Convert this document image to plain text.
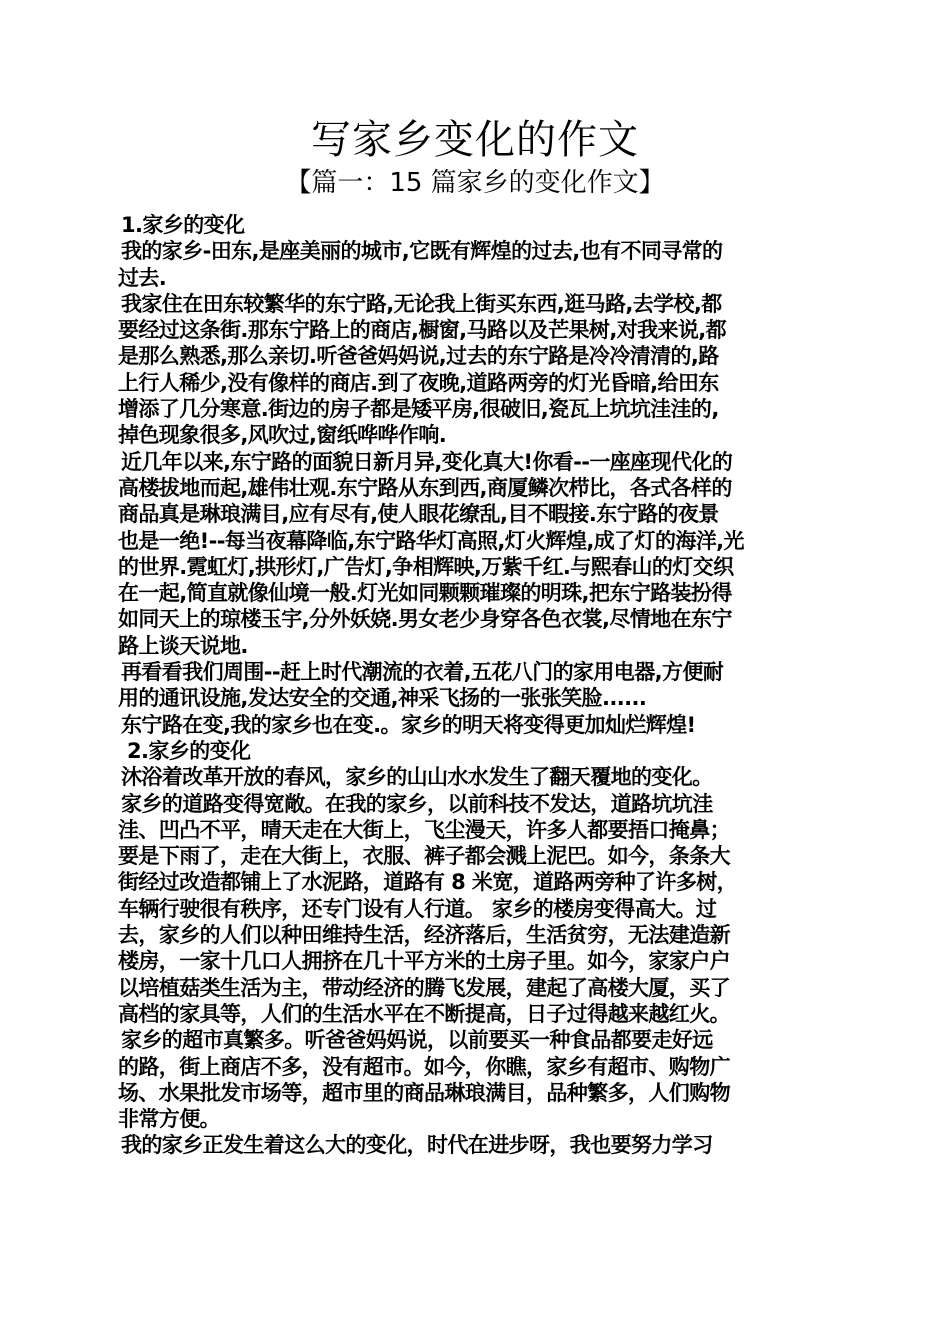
写家乡变化的作文
【篇一：15 篇家乡的变化作文】
1.家乡的变化
我的家乡-田东,是座美丽的城市,它既有辉煌的过去,也有不同寻常的
过去.
我家住在田东较繁华的东宁路,无论我上街买东西,逛马路,去学校,都
要经过这条街.那东宁路上的商店,橱窗,马路以及芒果树,对我来说,都
是那么熟悉,那么亲切.听爸爸妈妈说,过去的东宁路是冷冷清清的,路
上行人稀少,没有像样的商店.到了夜晚,道路两旁的灯光昏暗,给田东
增添了几分寒意.街边的房子都是矮平房,很破旧,瓷瓦上坑坑洼洼的,
掉色现象很多,风吹过,窗纸哗哗作响.
近几年以来,东宁路的面貌日新月异,变化真大!你看--一座座现代化的
高楼拔地而起,雄伟壮观.东宁路从东到西,商厦鳞次栉比，各式各样的
商品真是琳琅满目,应有尽有,使人眼花缭乱,目不暇接.东宁路的夜景
也是一绝!--每当夜幕降临,东宁路华灯高照,灯火辉煌,成了灯的海洋,光
的世界.霓虹灯,拱形灯,广告灯,争相辉映,万紫千红.与熙春山的灯交织
在一起,简直就像仙境一般.灯光如同颗颗璀璨的明珠,把东宁路装扮得
如同天上的琼楼玉宇,分外妖娆.男女老少身穿各色衣裳,尽情地在东宁
路上谈天说地.
再看看我们周围--赶上时代潮流的衣着,五花八门的家用电器,方便耐
用的通讯设施,发达安全的交通,神采飞扬的一张张笑脸......
东宁路在变,我的家乡也在变.。家乡的明天将变得更加灿烂辉煌!
2.家乡的变化
沐浴着改革开放的春风，家乡的山山水水发生了翻天覆地的变化。
家乡的道路变得宽敞。在我的家乡，以前科技不发达，道路坑坑洼
洼、凹凸不平，晴天走在大街上，飞尘漫天，许多人都要捂口掩鼻；
要是下雨了，走在大街上，衣服、裤子都会溅上泥巴。如今，条条大
街经过改造都铺上了水泥路，道路有 8 米宽，道路两旁种了许多树，
车辆行驶很有秩序，还专门设有人行道。 家乡的楼房变得高大。过
去，家乡的人们以种田维持生活，经济落后，生活贫穷，无法建造新
楼房，一家十几口人拥挤在几十平方米的土房子里。如今，家家户户
以培植菇类生活为主，带动经济的腾飞发展，建起了高楼大厦，买了
高档的家具等，人们的生活水平在不断提高，日子过得越来越红火。
家乡的超市真繁多。听爸爸妈妈说，以前要买一种食品都要走好远
的路，街上商店不多，没有超市。如今，你瞧，家乡有超市、购物广
场、水果批发市场等，超市里的商品琳琅满目，品种繁多，人们购物
非常方便。
我的家乡正发生着这么大的变化，时代在进步呀，我也要努力学习
